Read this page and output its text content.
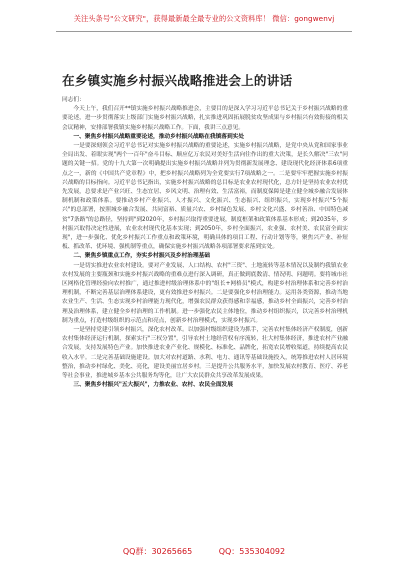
关注头条号"公文研究"，获得最新最全最专业的公文资料库！ 微信：gongwenvj
在乡镇实施乡村振兴战略推进会上的讲话

同志们：

今天上午，我们召开**镇实施乡村振兴战略推进会，主要目的是深入学习习近平总书记关于乡村振兴战略的重要论述，进一步贯彻落实上级部门实施乡村振兴战略，扎实推进巩固拓展脱贫攻坚成果与乡村振兴有效衔接的相关会议精神，安排部署我镇实施乡村振兴战略工作。下面，我讲三点意见。

一、聚焦乡村振兴战略重要论述，推动乡村振兴战略在我镇落到实处

一是要深刻领会习近平总书记对实施乡村振兴战略的重要论述，实施乡村振兴战略，是党中央从党和国家事业全局出发、着眼实现"两个一百年"奋斗目标、顺应亿万农民对美好生活向往作出的重大决策，是长久解决"三农"问题的关键一招。党的十九大第一次明确提出实施乡村振兴战略并列为贯彻新发展理念、建设现代化经济体系6项重点之一，新的《中国共产党章程》中，把乡村振兴战略列为全党要实行7项战略之一。二是要牢牢把握实施乡村振兴战略的目标指向。习近平总书记指出，实施乡村振兴战略的总目标是农业农村现代化，总方针是坚持农业农村优先发展，总要求是产业兴旺、生态宜居、乡风文明、治理有效、生活富裕，而制度保障是建立健全城乡融合发展体制机制和政策体系。要推动乡村产业振兴、人才振兴、文化振兴、生态振兴、组织振兴，实现乡村振兴"5个振兴"的总部署，按照城乡融合发展、共同富裕、质量兴农、乡村绿色发展、乡村文化兴盛、乡村善治、中国特色减贫"7条路"的总路径，坚持到"到2020年，乡村振兴取得重要进展，制度框架和政策体系基本形成；到2035年，乡村振兴取得决定性进展，农业农村现代化基本实现；到2050年，乡村全面振兴，农业强、农村美、农民富全面实现"，进一步强化、优化乡村振兴工作重点和政策环境，明确具体的项目工程、行动计划等等，聚焦兴产业、补短板、抓改革、优环境、强机制等重点，确保实施乡村振兴战略各项部署要求落到实处。

二、聚焦乡镇重点工作，夯实乡村振兴及乡村治理基础

一是切实推进农业农村建设。要对产业发展、人口结构、农村"三资"、土地流转等基本情况以及制约我镇农业农村发展的主要瓶颈和实施乡村振兴战略的重难点进行深入调研，真正做到底数清、情况明、问题明。要将城市社区网格化管理经验向农村推广，通过推进村级治理体系中的"组长+网格员"模式，构建乡村治理体系和完善乡村治理机制，不断完善基层治理体系建设，更有效推进乡村振兴。二是要强化乡村治理能力。运用各类资源，推动当地农业生产、生活、生态实现乡村治理能力现代化，增强农民群众获得感和幸福感，推动乡村全面振兴，完善乡村治理及治理体系，建立健全乡村治理的工作机制。进一步强化农民主体地位，推动乡村组织振兴，以完善乡村治理机制为重点，打造村级组织的示范点和亮点，创新乡村治理模式，实现乡村振兴。

一是坚持党建引领乡村振兴，深化农村改革。以加强村级组织建设为抓手，完善农村集体经济产权制度，创新农村集体经济运行机制，探索实行"三权分置"，引导农村土地经营权有序流转，壮大村集体经济，推进农村产业融合发展，支持发展特色产业。加快推进农业产业化、规模化、标准化、品牌化，拓宽农民增收渠道，持续提高农民收入水平。二是完善基础设施建设。加大对农村道路、水利、电力、通讯等基础设施投入，统筹推进农村人居环境整治，推动乡村绿化、美化、亮化，建设美丽宜居乡村。三是提升公共服务水平，加快发展农村教育、医疗、养老等社会事业，推进城乡基本公共服务均等化，让广大农民群众共享改革发展成果。

三、聚焦乡村振兴"五大振兴"，力推农业、农村、农民全面发展

QQ群：30265665 QQ：535304092
